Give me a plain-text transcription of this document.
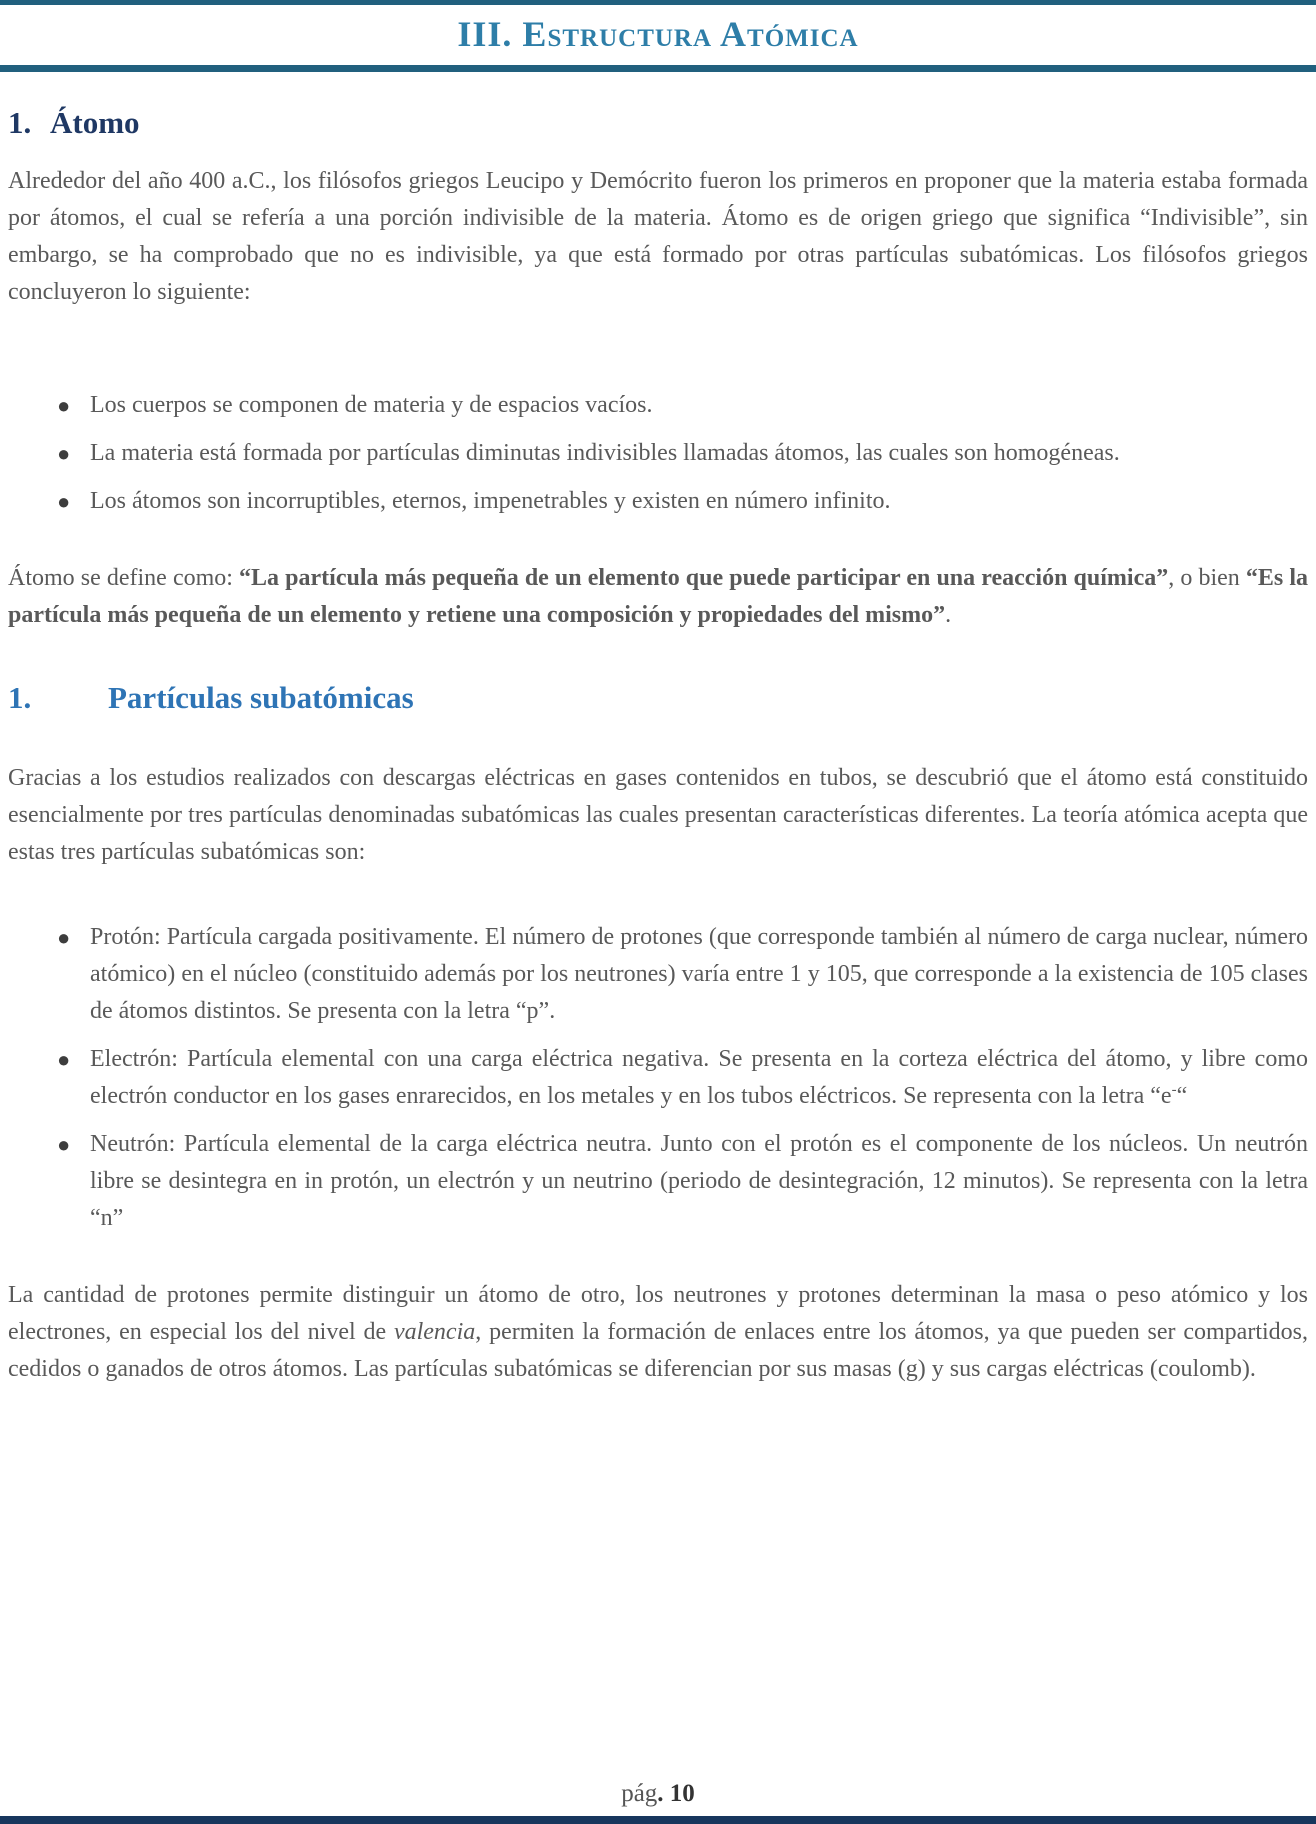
III. Estructura Atómica
1. Átomo

Alrededor del año 400 a.C., los filósofos griegos Leucipo y Demócrito fueron los primeros en proponer que la materia estaba formada por átomos, el cual se refería a una porción indivisible de la materia. Átomo es de origen griego que significa “Indivisible”, sin embargo, se ha comprobado que no es indivisible, ya que está formado por otras partículas subatómicas. Los filósofos griegos concluyeron lo siguiente:

● Los cuerpos se componen de materia y de espacios vacíos.
● La materia está formada por partículas diminutas indivisibles llamadas átomos, las cuales son homogéneas.
● Los átomos son incorruptibles, eternos, impenetrables y existen en número infinito.

Átomo se define como: “La partícula más pequeña de un elemento que puede participar en una reacción química”, o bien “Es la partícula más pequeña de un elemento y retiene una composición y propiedades del mismo”.

1. Partículas subatómicas

Gracias a los estudios realizados con descargas eléctricas en gases contenidos en tubos, se descubrió que el átomo está constituido esencialmente por tres partículas denominadas subatómicas las cuales presentan características diferentes. La teoría atómica acepta que estas tres partículas subatómicas son:

● Protón: Partícula cargada positivamente. El número de protones (que corresponde también al número de carga nuclear, número atómico) en el núcleo (constituido además por los neutrones) varía entre 1 y 105, que corresponde a la existencia de 105 clases de átomos distintos. Se presenta con la letra “p”.
● Electrón: Partícula elemental con una carga eléctrica negativa. Se presenta en la corteza eléctrica del átomo, y libre como electrón conductor en los gases enrarecidos, en los metales y en los tubos eléctricos. Se representa con la letra “e-“
● Neutrón: Partícula elemental de la carga eléctrica neutra. Junto con el protón es el componente de los núcleos. Un neutrón libre se desintegra en in protón, un electrón y un neutrino (periodo de desintegración, 12 minutos). Se representa con la letra “n”

La cantidad de protones permite distinguir un átomo de otro, los neutrones y protones determinan la masa o peso atómico y los electrones, en especial los del nivel de valencia, permiten la formación de enlaces entre los átomos, ya que pueden ser compartidos, cedidos o ganados de otros átomos. Las partículas subatómicas se diferencian por sus masas (g) y sus cargas eléctricas (coulomb).

pág. 10
